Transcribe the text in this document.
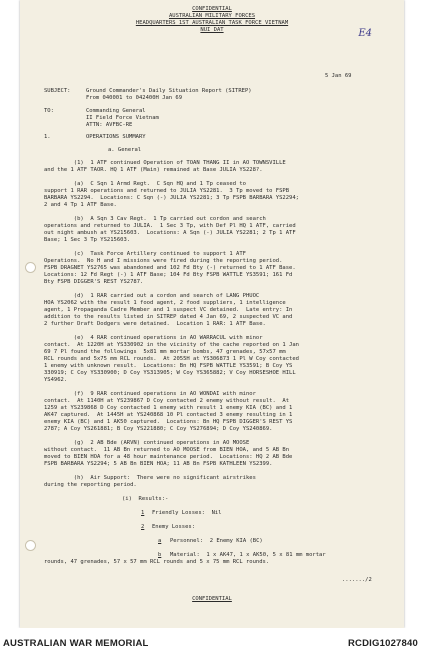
CONFIDENTIAL
AUSTRALIAN MILITARY FORCES
HEADQUARTERS 1ST AUSTRALIAN TASK FORCE VIETNAM
NUI DAT	E4
5 Jan 69
SUBJECT:	Ground Commander's Daily Situation Report (SITREP)
From 040001 to 042400H Jan 69
TO:	Commanding General
II Field Force Vietnam
ATTN: AVFBC-RE
1.	OPERATIONS SUMMARY
a. General
(1)  1 ATF continued Operation of TOAN THANG II in AO TOWNSVILLE
and the 1 ATF TAOR. HQ 1 ATF (Main) remained at Base JULIA YS228?.
(a)  C Sqn 1 Armd Regt.  C Sqn HQ and 1 Tp ceased to
support 1 RAR operations and returned to JULIA YS2281.  3 Tp moved to FSPB
BARBARA YS2294.  Locations: C Sqn (-) JULIA YS2281; 3 Tp FSPB BARBARA YS2294;
2 and 4 Tp 1 ATF Base.
(b)  A Sqn 3 Cav Regt.  1 Tp carried out cordon and search
operations and returned to JULIA.  1 Sec 3 Tp, with Def Pl HQ 1 ATF, carried
out night ambush at YS215603.  Locations: A Sqn (-) JULIA YS2281; 2 Tp 1 ATF
Base; 1 Sec 3 Tp YS215603.
(c)  Task Force Artillery continued to support 1 ATF
Operations.  No H and I missions were fired during the reporting period.
FSPB DRAGNET YS2765 was abandoned and 102 Fd Bty (-) returned to 1 ATF Base.
Locations: 12 Fd Regt (-) 1 ATF Base; 104 Fd Bty FSPB WATTLE YS3591; 161 Fd
Bty FSPB DIGGER'S REST YS2787.
(d)  1 RAR carried out a cordon and search of LANG PHUOC
HOA YS2062 with the result 1 food agent, 2 food suppliers, 1 intelligence
agent, 1 Propaganda Cadre Member and 1 suspect VC detained.  Late entry: In
addition to the results listed in SITREP dated 4 Jan 69, 2 suspected VC and
2 further Draft Dodgers were detained.  Location 1 RAR: 1 ATF Base.
(e)  4 RAR continued operations in AO WARRACUL with minor
contact.  At 1220H at YS330902 in the vicinity of the cache reported on 1 Jan
69 7 Pl found the followings  5x81 mm mortar bombs, 47 grenades, 57x57 mm
RCL rounds and 5x75 mm RCL rounds.  At 2055H at YS306873 1 Pl W Coy contacted
1 enemy with unknown result.  Locations: Bn HQ FSPB WATTLE YS3591; B Coy YS
330919; C Coy YS330900; D Coy YS313905; W Coy YS365882; V Coy HORSESHOE HILL
YS4962.
(f)  9 RAR continued operations in AO WONDAI with minor
contact.  At 1140H at YS239867 D Coy contacted 2 enemy without result.  At
1259 at YS239868 D Coy contacted 1 enemy with result 1 enemy KIA (BC) and 1
AK47 captured.  At 1445H at YS240868 10 Pl contacted 3 enemy resulting in 1
enemy KIA (BC) and 1 AK50 captured.  Locations: Bn HQ FSPB DIGGER'S REST YS
2787; A Coy YS261881; B Coy YS221880; C Coy YS276894; D Coy YS240869.
(g)  2 AB Bde (ARVN) continued operations in AO MOOSE
without contact.  11 AB Bn returned to AO MOOSE from BIEN HOA, and 5 AB Bn
moved to BIEN HOA for a 48 hour maintenance period.  Locations: HQ 2 AB Bde
FSPB BARBARA YS2294; 5 AB Bn BIEN HOA; 11 AB Bn FSPB KATHLEEN YS2399.
(h)  Air Support:  There were no significant airstrikes
during the reporting period.
(i)  Results:-
1 Friendly Losses:  Nil
2 Enemy Losses:
a Personnel:  2 Enemy KIA (BC)
b Material:  1 x AK47, 1 x AK50, 5 x 81 mm mortar
rounds, 47 grenades, 57 x 57 mm RCL rounds and 5 x 75 mm RCL rounds.
......./2
CONFIDENTIAL
AUSTRALIAN WAR MEMORIAL	RCDIG1027840
